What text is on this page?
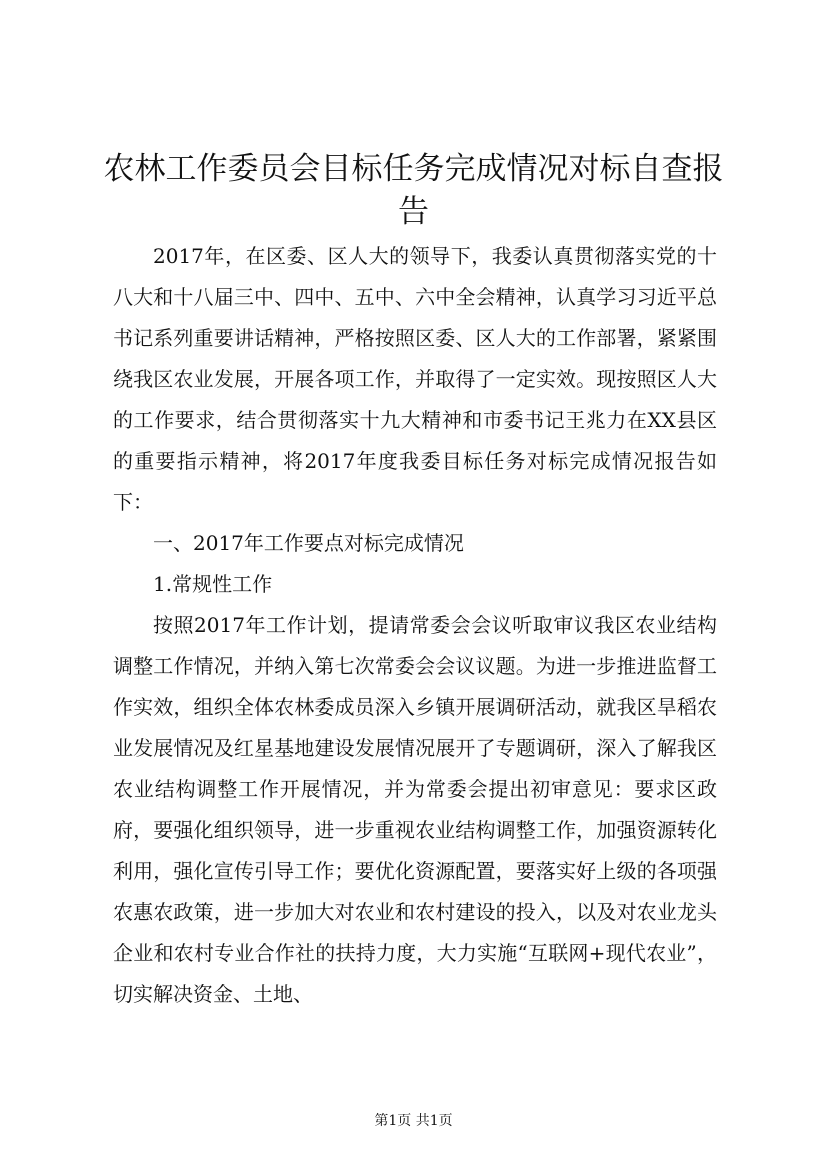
农林工作委员会目标任务完成情况对标自查报告

2017年，在区委、区人大的领导下，我委认真贯彻落实党的十八大和十八届三中、四中、五中、六中全会精神，认真学习习近平总书记系列重要讲话精神，严格按照区委、区人大的工作部署，紧紧围绕我区农业发展，开展各项工作，并取得了一定实效。现按照区人大的工作要求，结合贯彻落实十九大精神和市委书记王兆力在XX县区的重要指示精神，将2017年度我委目标任务对标完成情况报告如下：

一、2017年工作要点对标完成情况

1.常规性工作

按照2017年工作计划，提请常委会会议听取审议我区农业结构调整工作情况，并纳入第七次常委会会议议题。为进一步推进监督工作实效，组织全体农林委成员深入乡镇开展调研活动，就我区旱稻农业发展情况及红星基地建设发展情况展开了专题调研，深入了解我区农业结构调整工作开展情况，并为常委会提出初审意见：要求区政府，要强化组织领导，进一步重视农业结构调整工作，加强资源转化利用，强化宣传引导工作；要优化资源配置，要落实好上级的各项强农惠农政策，进一步加大对农业和农村建设的投入，以及对农业龙头企业和农村专业合作社的扶持力度，大力实施“互联网+现代农业”，切实解决资金、土地、

第1页 共1页
